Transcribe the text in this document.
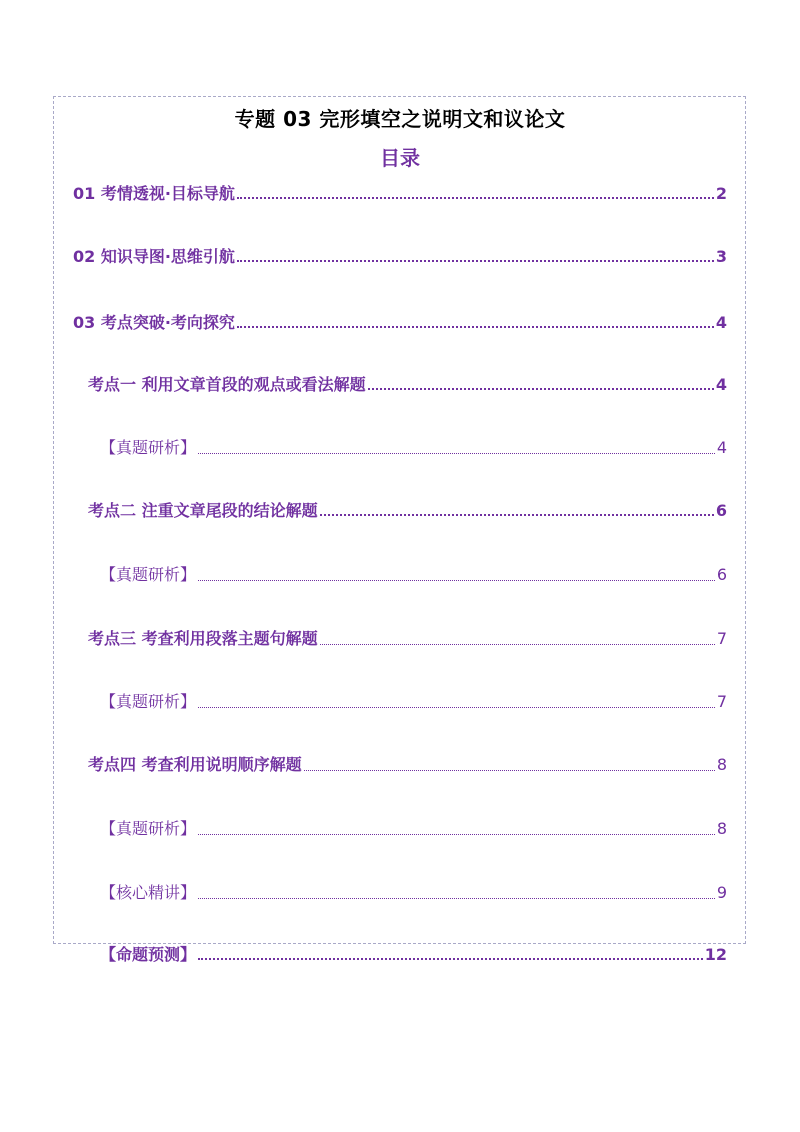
专题 03 完形填空之说明文和议论文
目录
01 考情透视·目标导航	2
02 知识导图·思维引航	3
03 考点突破·考向探究	4
考点一 利用文章首段的观点或看法解题	4
【真题研析】	4
考点二 注重文章尾段的结论解题	6
【真题研析】	6
考点三 考查利用段落主题句解题	7
【真题研析】	7
考点四 考查利用说明顺序解题	8
【真题研析】	8
【核心精讲】	9
【命题预测】	12
